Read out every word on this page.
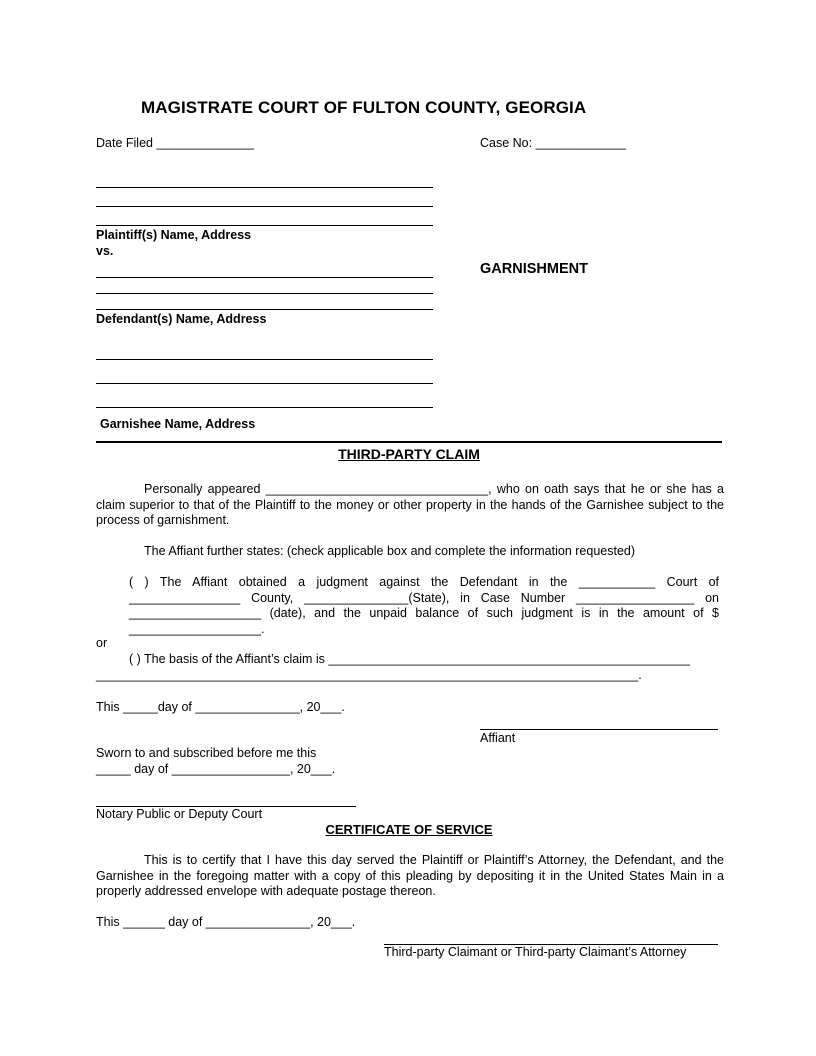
MAGISTRATE COURT OF FULTON COUNTY, GEORGIA
Date Filed ______________	Case No: _____________
Plaintiff(s) Name, Address
vs.
GARNISHMENT
Defendant(s) Name, Address
Garnishee Name, Address
THIRD-PARTY CLAIM
Personally appeared ________________________________, who on oath says that he or she has a claim superior to that of the Plaintiff to the money or other property in the hands of the Garnishee subject to the process of garnishment.
The Affiant further states: (check applicable box and complete the information requested)
( ) The Affiant obtained a judgment against the Defendant in the ___________ Court of ________________ County, _______________(State), in Case Number _________________ on ___________________ (date), and the unpaid balance of such judgment is in the amount of $ ___________________.
or
( ) The basis of the Affiant’s claim is ____________________________________________________
______________________________________________________________________________.
This _____day of _______________, 20___.
Affiant
Sworn to and subscribed before me this
_____ day of _________________, 20___.
Notary Public or Deputy Court
CERTIFICATE OF SERVICE
This is to certify that I have this day served the Plaintiff or Plaintiff’s Attorney, the Defendant, and the Garnishee in the foregoing matter with a copy of this pleading by depositing it in the United States Main in a properly addressed envelope with adequate postage thereon.
This ______ day of _______________, 20___.
Third-party Claimant or Third-party Claimant’s Attorney
